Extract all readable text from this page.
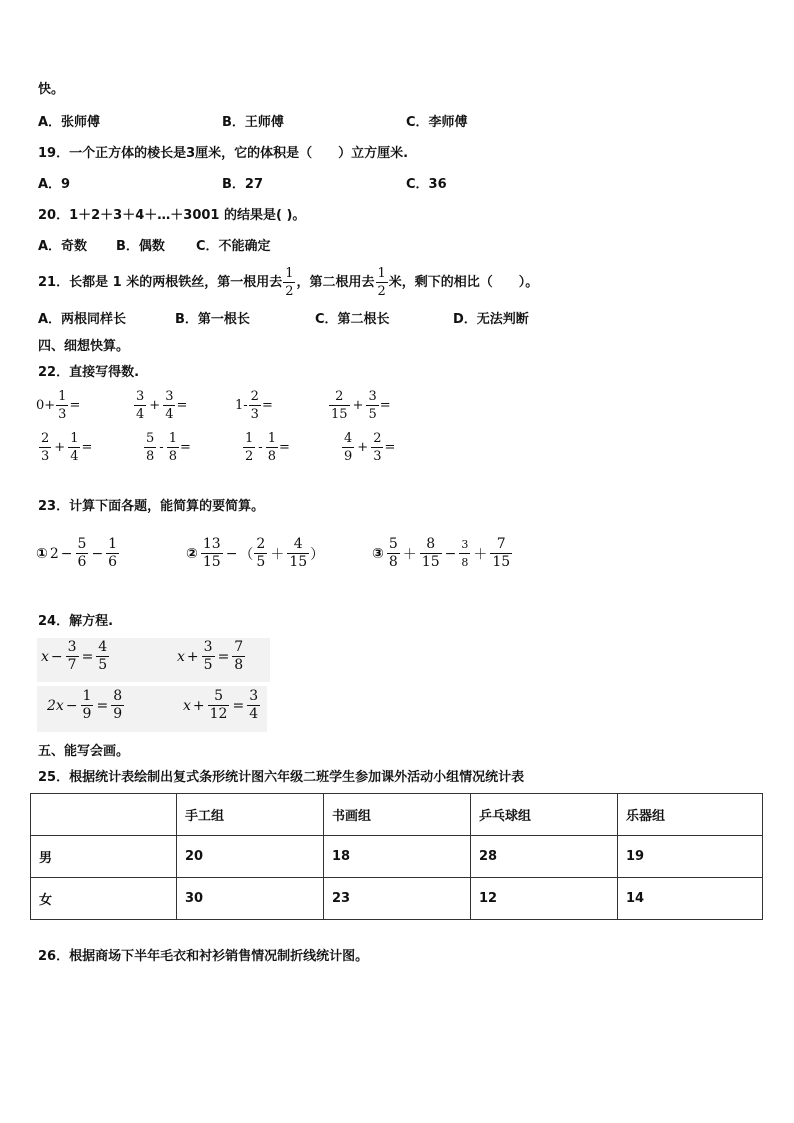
快。
A．张师傅	B．王师傅	C．李师傅
19．一个正方体的棱长是3厘米，它的体积是（　　）立方厘米.
A．9	B．27	C．36
20．1＋2＋3＋4＋…＋3001 的结果是( )。
A．奇数 B．偶数 C．不能确定
21．长都是 1 米的两根铁丝，第一根用去 $\frac{1}{2}$ ，第二根用去 $\frac{1}{2}$ 米，剩下的相比（　　）。
A．两根同样长	B．第一根长	C．第二根长	D．无法判断
四、细想快算。
22．直接写得数.
$0+ \frac{1}{3}$ =	$\frac{3}{4} + \frac{3}{4}$ =	$1- \frac{2}{3}$ =	$\frac{2}{15} + \frac{3}{5}$ =
$\frac{2}{3} + \frac{1}{4}$ =	$\frac{5}{8} - \frac{1}{8}$ =	$\frac{1}{2} - \frac{1}{8}$ =	$\frac{4}{9} + \frac{2}{3}$ =
23．计算下面各题，能简算的要简算。
① $2 - \frac{5}{6} - \frac{1}{6}$	② $\frac{13}{15}$ − （ $\frac{2}{5} + \frac{4}{15}$ ）	③ $\frac{5}{8} + \frac{8}{15} - \frac{3}{8} + \frac{7}{15}$
24．解方程.
$x - \frac{3}{7} = \frac{4}{5}$	$x + \frac{3}{5} = \frac{7}{8}$
$2x - \frac{1}{9} = \frac{8}{9}$	$x + \frac{5}{12} = \frac{3}{4}$
五、能写会画。
25．根据统计表绘制出复式条形统计图六年级二班学生参加课外活动小组情况统计表
	手工组	书画组	乒乓球组	乐器组
男	20	18	28	19
女	30	23	12	14
26．根据商场下半年毛衣和衬衫销售情况制折线统计图。
